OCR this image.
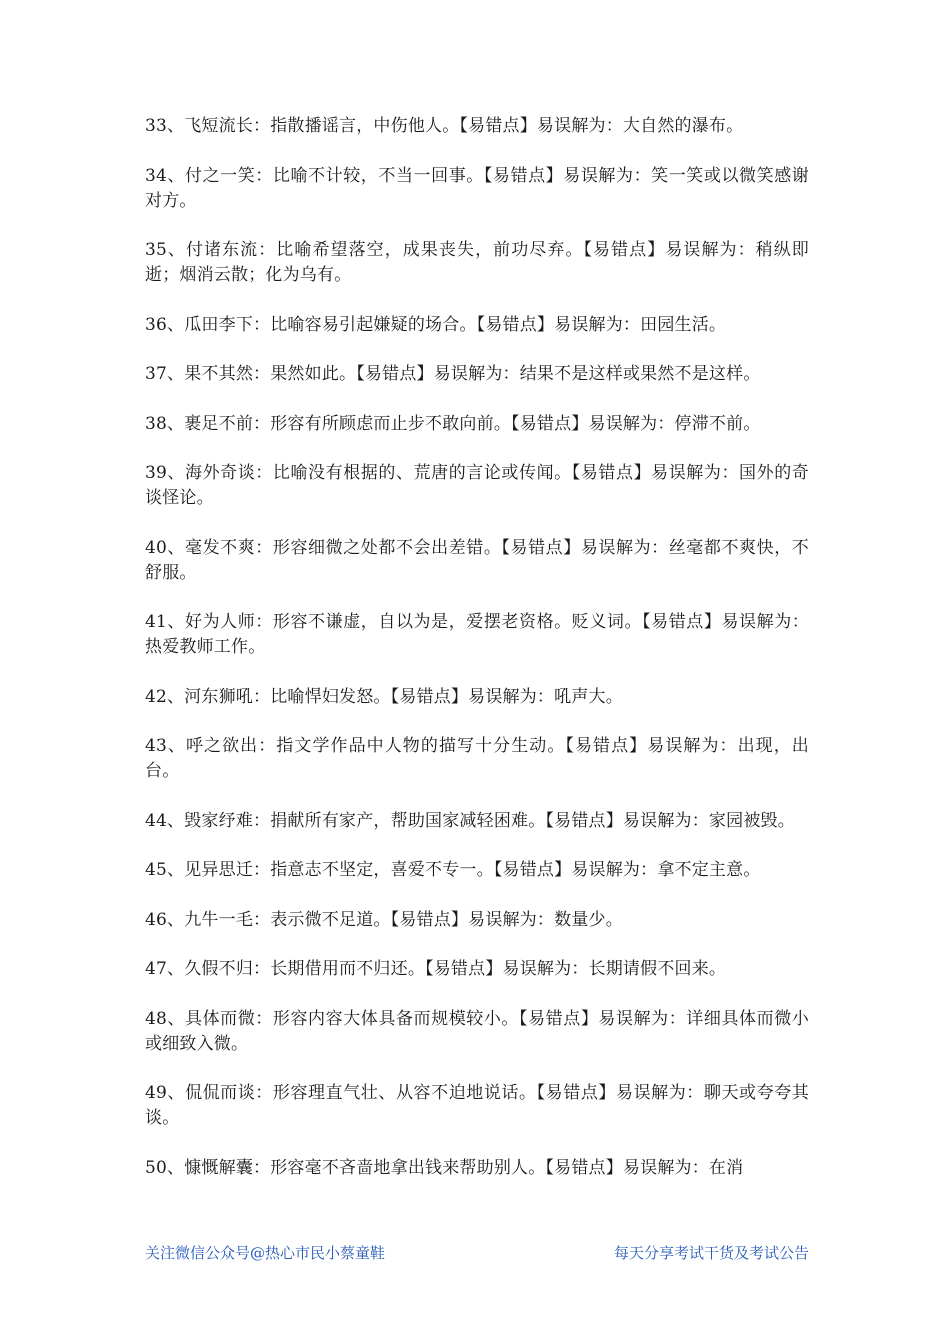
33、飞短流长：指散播谣言，中伤他人。【易错点】易误解为：大自然的瀑布。

34、付之一笑：比喻不计较，不当一回事。【易错点】易误解为：笑一笑或以微笑感谢对方。

35、付诸东流：比喻希望落空，成果丧失，前功尽弃。【易错点】易误解为：稍纵即逝；烟消云散；化为乌有。

36、瓜田李下：比喻容易引起嫌疑的场合。【易错点】易误解为：田园生活。

37、果不其然：果然如此。【易错点】易误解为：结果不是这样或果然不是这样。

38、裹足不前：形容有所顾虑而止步不敢向前。【易错点】易误解为：停滞不前。

39、海外奇谈：比喻没有根据的、荒唐的言论或传闻。【易错点】易误解为：国外的奇谈怪论。

40、毫发不爽：形容细微之处都不会出差错。【易错点】易误解为：丝毫都不爽快，不舒服。

41、好为人师：形容不谦虚，自以为是，爱摆老资格。贬义词。【易错点】易误解为：热爱教师工作。

42、河东狮吼：比喻悍妇发怒。【易错点】易误解为：吼声大。

43、呼之欲出：指文学作品中人物的描写十分生动。【易错点】易误解为：出现，出台。

44、毁家纾难：捐献所有家产，帮助国家减轻困难。【易错点】易误解为：家园被毁。

45、见异思迁：指意志不坚定，喜爱不专一。【易错点】易误解为：拿不定主意。

46、九牛一毛：表示微不足道。【易错点】易误解为：数量少。

47、久假不归：长期借用而不归还。【易错点】易误解为：长期请假不回来。

48、具体而微：形容内容大体具备而规模较小。【易错点】易误解为：详细具体而微小或细致入微。

49、侃侃而谈：形容理直气壮、从容不迫地说话。【易错点】易误解为：聊天或夸夸其谈。

50、慷慨解囊：形容毫不吝啬地拿出钱来帮助别人。【易错点】易误解为：在消

关注微信公众号@热心市民小蔡童鞋	每天分享考试干货及考试公告
